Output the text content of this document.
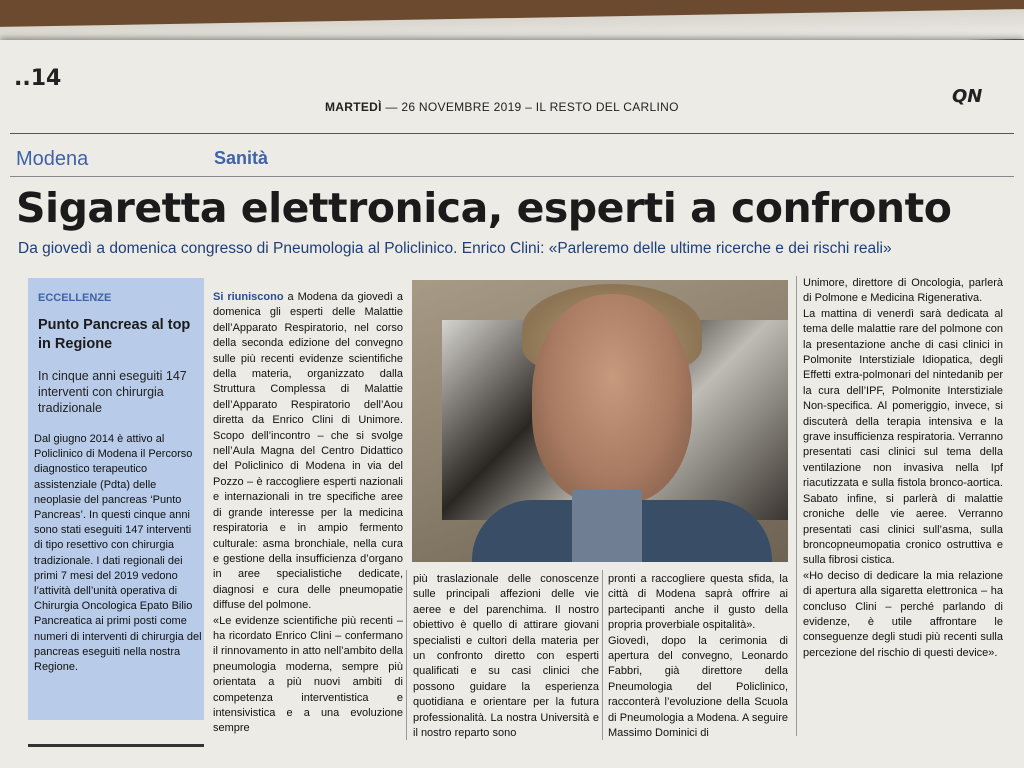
..14
MARTEDÌ — 26 NOVEMBRE 2019 – IL RESTO DEL CARLINO	QN
Modena	Sanità
Sigaretta elettronica, esperti a confronto
Da giovedì a domenica congresso di Pneumologia al Policlinico. Enrico Clini: «Parleremo delle ultime ricerche e dei rischi reali»
ECCELLENZE
Punto Pancreas al top in Regione
In cinque anni eseguiti 147 interventi con chirurgia tradizionale

Dal giugno 2014 è attivo al Policlinico di Modena il Percorso diagnostico terapeutico assistenziale (Pdta) delle neoplasie del pancreas ‘Punto Pancreas’. In questi cinque anni sono stati eseguiti 147 interventi di tipo resettivo con chirurgia tradizionale. I dati regionali dei primi 7 mesi del 2019 vedono l’attività dell’unità operativa di Chirurgia Oncologica Epato Bilio Pancreatica ai primi posti come numeri di interventi di chirurgia del pancreas eseguiti nella nostra Regione.

Si riuniscono a Modena da giovedì a domenica gli esperti delle Malattie dell’Apparato Respiratorio, nel corso della seconda edizione del convegno sulle più recenti evidenze scientifiche della materia, organizzato dalla Struttura Complessa di Malattie dell’Apparato Respiratorio dell’Aou diretta da Enrico Clini di Unimore. Scopo dell’incontro – che si svolge nell’Aula Magna del Centro Didattico del Policlinico di Modena in via del Pozzo – è raccogliere esperti nazionali e internazionali in tre specifiche aree di grande interesse per la medicina respiratoria e in ampio fermento culturale: asma bronchiale, nella cura e gestione della insufficienza d’organo in aree specialistiche dedicate, diagnosi e cura delle pneumopatie diffuse del polmone.

«Le evidenze scientifiche più recenti – ha ricordato Enrico Clini – confermano il rinnovamento in atto nell’ambito della pneumologia moderna, sempre più orientata a più nuovi ambiti di competenza interventistica e intensivistica e a una evoluzione sempre

più traslazionale delle conoscenze sulle principali affezioni delle vie aeree e del parenchima. Il nostro obiettivo è quello di attirare giovani specialisti e cultori della materia per un confronto diretto con esperti qualificati e su casi clinici che possono guidare la esperienza quotidiana e orientare per la futura professionalità. La nostra Università e il nostro reparto sono

pronti a raccogliere questa sfida, la città di Modena saprà offrire ai partecipanti anche il gusto della propria proverbiale ospitalità».

Giovedì, dopo la cerimonia di apertura del convegno, Leonardo Fabbri, già direttore della Pneumologia del Policlinico, racconterà l’evoluzione della Scuola di Pneumologia a Modena. A seguire Massimo Dominici di

Unimore, direttore di Oncologia, parlerà di Polmone e Medicina Rigenerativa.

La mattina di venerdì sarà dedicata al tema delle malattie rare del polmone con la presentazione anche di casi clinici in Polmonite Interstiziale Idiopatica, degli Effetti extra-polmonari del nintedanib per la cura dell’IPF, Polmonite Interstiziale Non-specifica. Al pomeriggio, invece, si discuterà della terapia intensiva e la grave insufficienza respiratoria. Verranno presentati casi clinici sul tema della ventilazione non invasiva nella Ipf riacutizzata e sulla fistola bronco-aortica. Sabato infine, si parlerà di malattie croniche delle vie aeree. Verranno presentati casi clinici sull’asma, sulla broncopneumopatia cronico ostruttiva e sulla fibrosi cistica.

«Ho deciso di dedicare la mia relazione di apertura alla sigaretta elettronica – ha concluso Clini – perché parlando di evidenze, è utile affrontare le conseguenze degli studi più recenti sulla percezione del rischio di questi device».
